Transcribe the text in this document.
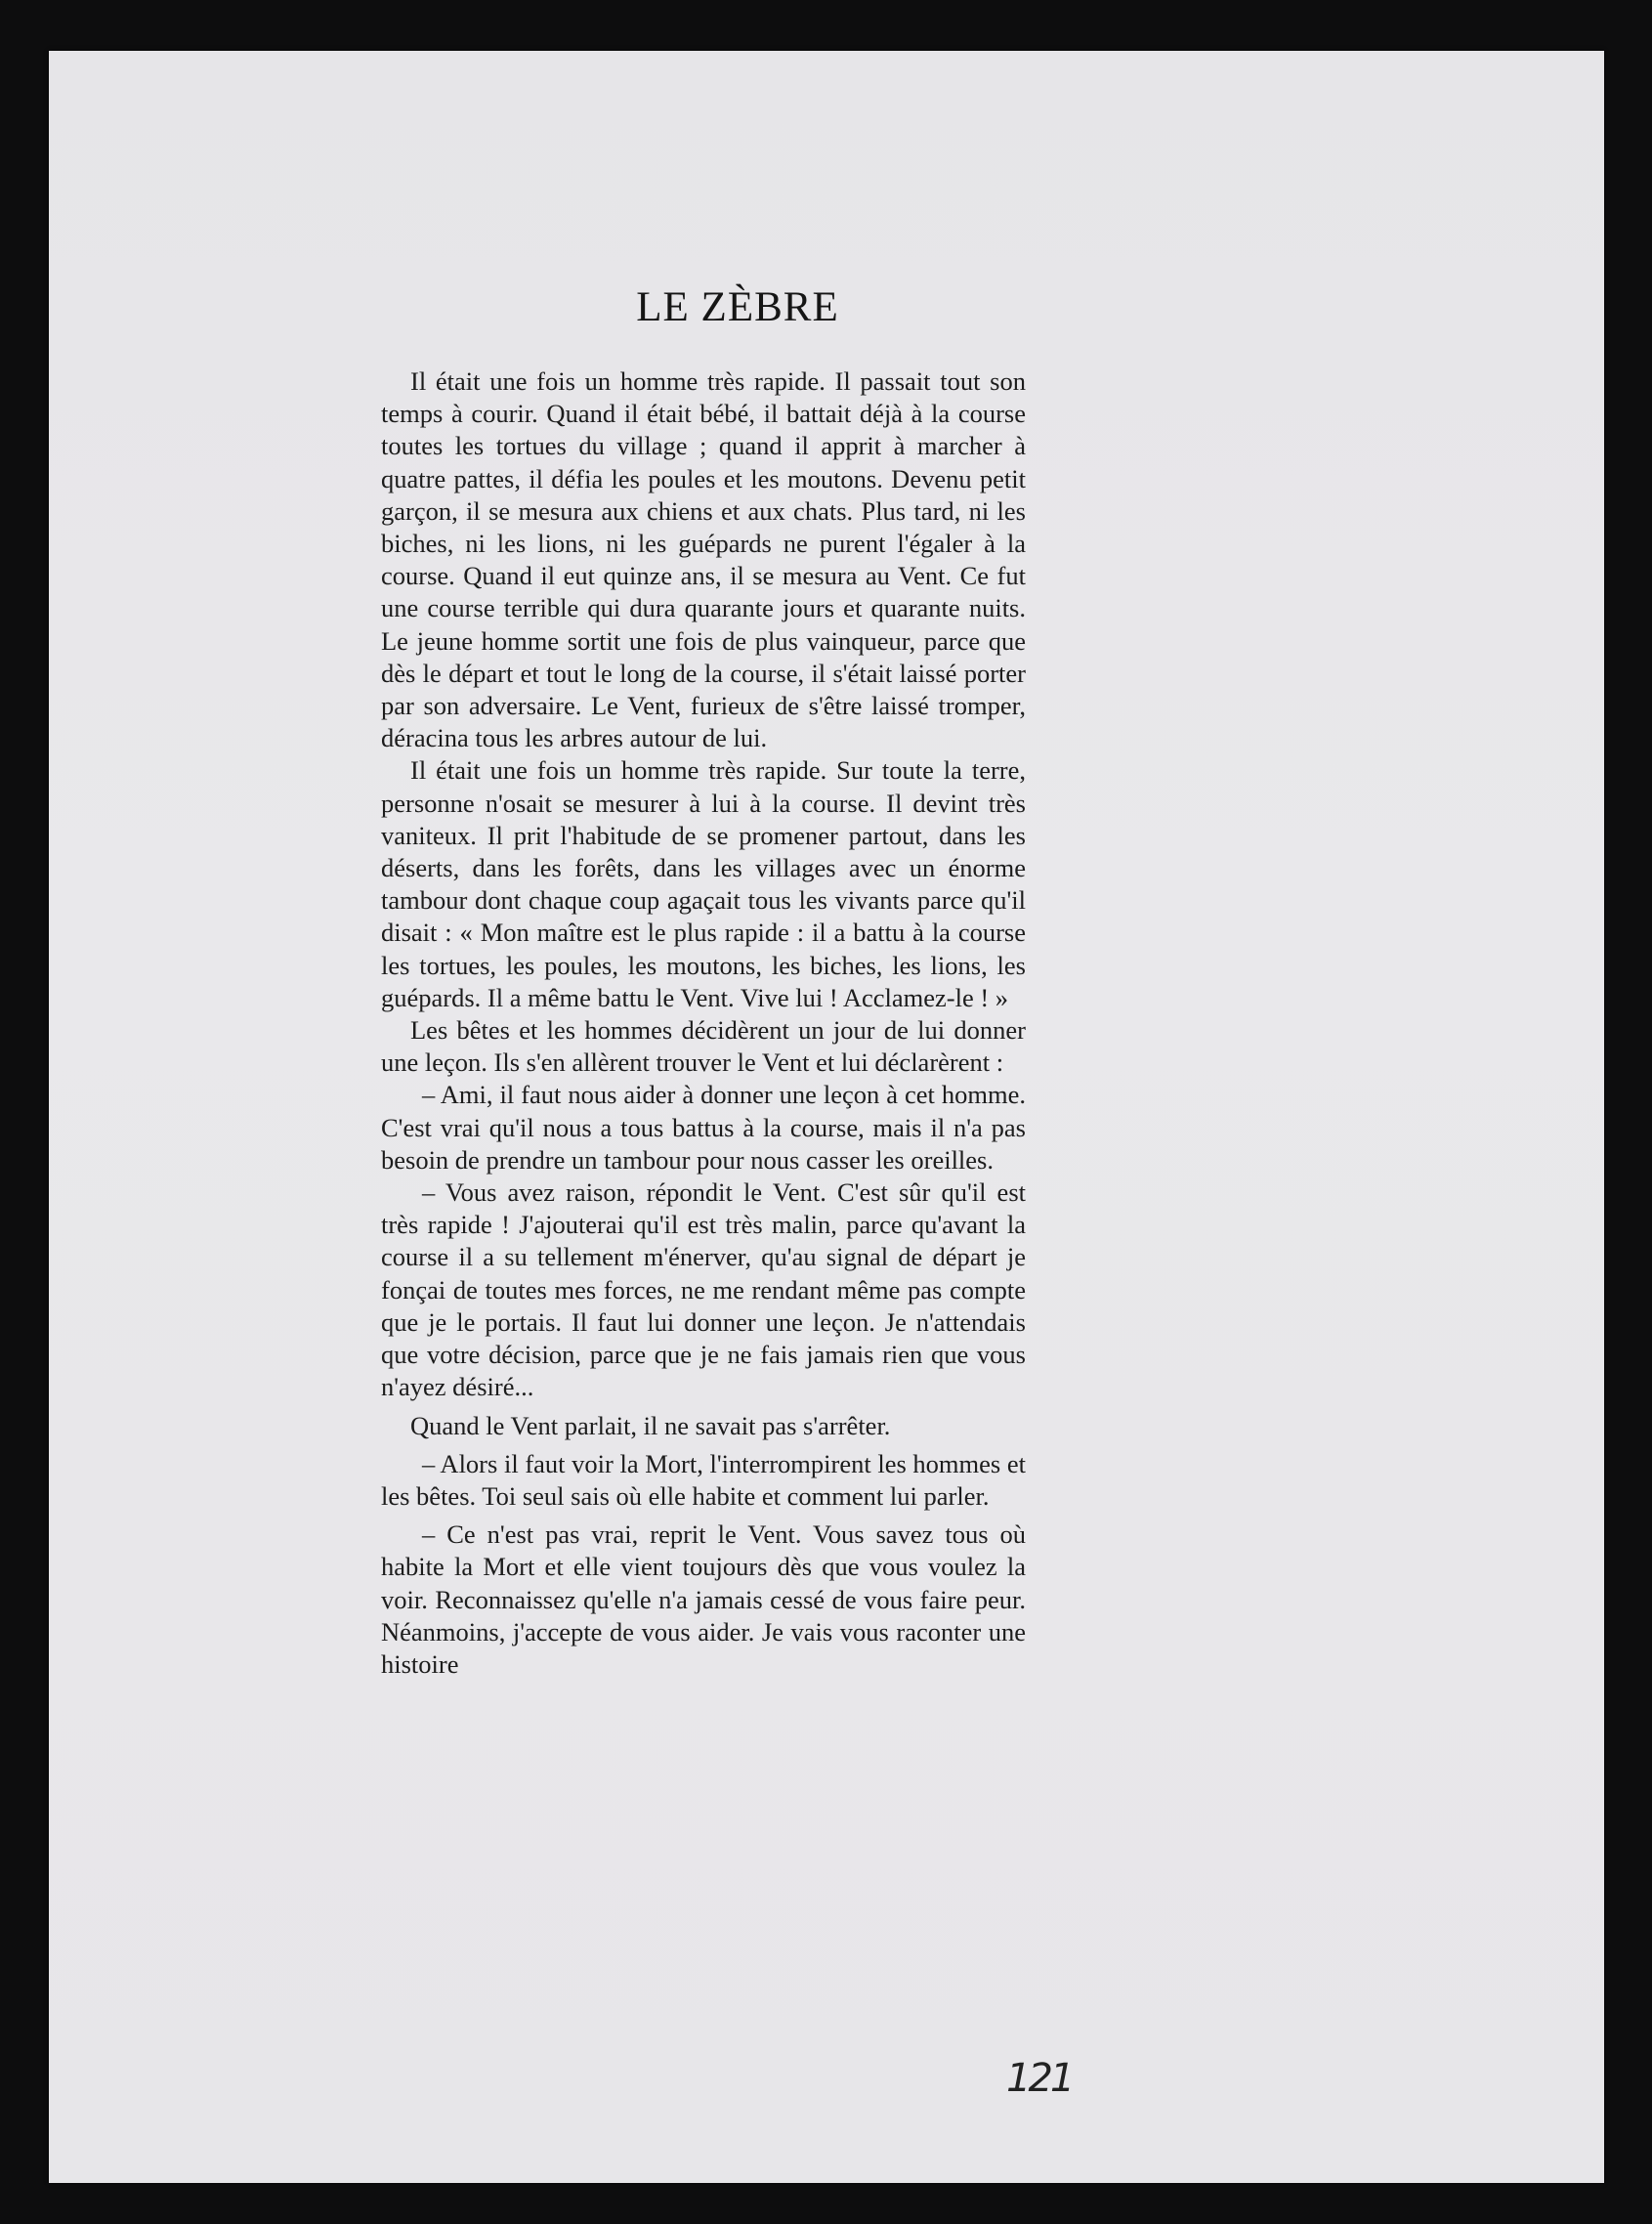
LE ZÈBRE

Il était une fois un homme très rapide. Il passait tout son temps à courir. Quand il était bébé, il battait déjà à la course toutes les tortues du village ; quand il apprit à marcher à quatre pattes, il défia les poules et les moutons. Devenu petit garçon, il se mesura aux chiens et aux chats. Plus tard, ni les biches, ni les lions, ni les guépards ne purent l'égaler à la course. Quand il eut quinze ans, il se mesura au Vent. Ce fut une course terrible qui dura quarante jours et quarante nuits. Le jeune homme sortit une fois de plus vainqueur, parce que dès le départ et tout le long de la course, il s'était laissé porter par son adversaire. Le Vent, furieux de s'être laissé tromper, déracina tous les arbres autour de lui.

Il était une fois un homme très rapide. Sur toute la terre, personne n'osait se mesurer à lui à la course. Il devint très vaniteux. Il prit l'habitude de se promener partout, dans les déserts, dans les forêts, dans les villages avec un énorme tambour dont chaque coup agaçait tous les vivants parce qu'il disait : « Mon maître est le plus rapide : il a battu à la course les tortues, les poules, les moutons, les biches, les lions, les guépards. Il a même battu le Vent. Vive lui ! Acclamez-le ! »

Les bêtes et les hommes décidèrent un jour de lui donner une leçon. Ils s'en allèrent trouver le Vent et lui déclarèrent :

– Ami, il faut nous aider à donner une leçon à cet homme. C'est vrai qu'il nous a tous battus à la course, mais il n'a pas besoin de prendre un tambour pour nous casser les oreilles.

– Vous avez raison, répondit le Vent. C'est sûr qu'il est très rapide ! J'ajouterai qu'il est très malin, parce qu'avant la course il a su tellement m'énerver, qu'au signal de départ je fonçai de toutes mes forces, ne me rendant même pas compte que je le portais. Il faut lui donner une leçon. Je n'attendais que votre décision, parce que je ne fais jamais rien que vous n'ayez désiré...

Quand le Vent parlait, il ne savait pas s'arrêter.

– Alors il faut voir la Mort, l'interrompirent les hommes et les bêtes. Toi seul sais où elle habite et comment lui parler.

– Ce n'est pas vrai, reprit le Vent. Vous savez tous où habite la Mort et elle vient toujours dès que vous voulez la voir. Reconnaissez qu'elle n'a jamais cessé de vous faire peur. Néanmoins, j'accepte de vous aider. Je vais vous raconter une histoire

121
